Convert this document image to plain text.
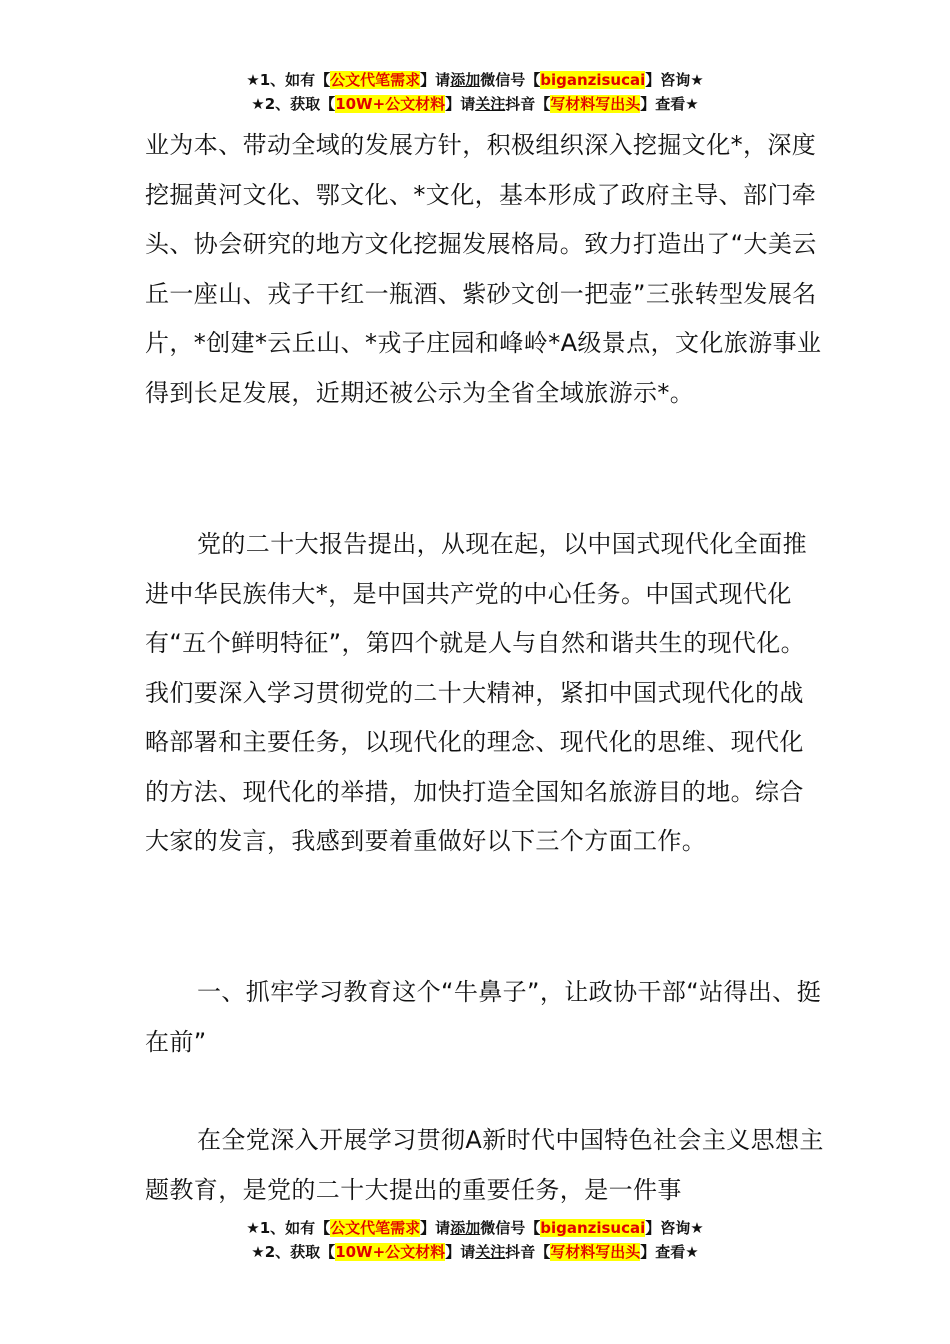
★1、如有【公文代笔需求】请添加微信号【biganzisucai】咨询★
★2、获取【10W+公文材料】请关注抖音【写材料写出头】查看★

业为本、带动全域的发展方针，积极组织深入挖掘文化*，深度挖掘黄河文化、鄂文化、*文化，基本形成了政府主导、部门牵头、协会研究的地方文化挖掘发展格局。致力打造出了“大美云丘一座山、戎子干红一瓶酒、紫砂文创一把壶”三张转型发展名片，*创建*云丘山、*戎子庄园和峰岭*A级景点，文化旅游事业得到长足发展，近期还被公示为全省全域旅游示*。

党的二十大报告提出，从现在起，以中国式现代化全面推进中华民族伟大*，是中国共产党的中心任务。中国式现代化有“五个鲜明特征”，第四个就是人与自然和谐共生的现代化。我们要深入学习贯彻党的二十大精神，紧扣中国式现代化的战略部署和主要任务，以现代化的理念、现代化的思维、现代化的方法、现代化的举措，加快打造全国知名旅游目的地。综合大家的发言，我感到要着重做好以下三个方面工作。

一、抓牢学习教育这个“牛鼻子”，让政协干部“站得出、挺在前”

在全党深入开展学习贯彻A新时代中国特色社会主义思想主题教育，是党的二十大提出的重要任务，是一件事

★1、如有【公文代笔需求】请添加微信号【biganzisucai】咨询★
★2、获取【10W+公文材料】请关注抖音【写材料写出头】查看★
